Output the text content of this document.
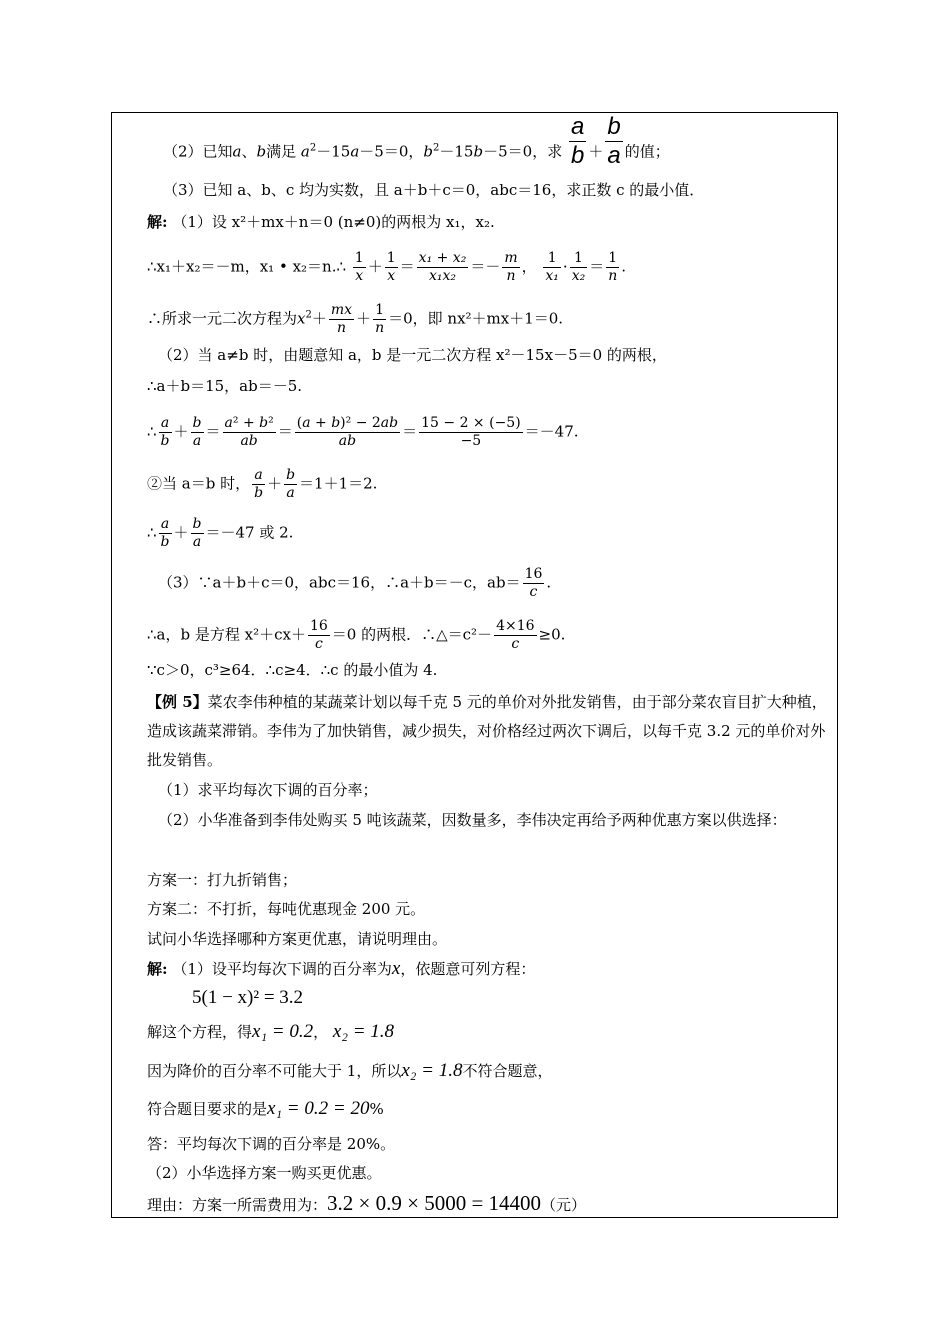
（2）已知a、b满足 $a^2-15a-5=0$，$b^2-15b-5=0$，求 $\frac{a}{b} + \frac{b}{a}$ 的值；
（3）已知 a、b、c 均为实数，且 a＋b＋c＝0，abc＝16，求正数 c 的最小值．
解: （1）设 x²＋mx＋n＝0 (n≠0)的两根为 x₁，x₂.
∴x₁＋x₂＝－m，x₁ • x₂＝n.∴ $\frac{1}{x} + \frac{1}{x} = \frac{\text{x₁ + x₂}}{\text{x₁x₂}} =- \frac{m}{n}$ ， $\frac{1}{\text{x₁}} \cdot \frac{1}{\text{x₂}} = \frac{1}{n}$ .
∴所求一元二次方程为$x^2+ \frac{mx}{n} + \frac{1}{n} =0$，即 nx²＋mx＋1＝0.
（2）当 a≠b 时，由题意知 a，b 是一元二次方程 x²－15x－5＝0 的两根，
∴a＋b＝15，ab＝－5.
∴ $\frac{a}{b} + \frac{b}{a} = \frac{\text{a² + b²}}{ab} = \frac{\text{(a + b)² − 2ab}}{ab} = \frac{15 - 2 \times (-5)}{-5} =-47$.
②当 a＝b 时， $\frac{a}{b} + \frac{b}{a} =1+1=2$.
∴ $\frac{a}{b} + \frac{b}{a} =-47$ 或 2.
（3）∵a＋b＋c＝0，abc＝16，∴a＋b＝－c，$ab= \frac{16}{c}$ .
∴a，b 是方程 $x^2+cx+ \frac{16}{c} =0$ 的两根．∴△＝c²－ $\frac{4\times 16}{c} \ge 0$.
∵c＞0，c³≥64．∴c≥4．∴c 的最小值为 4.
【例 5】菜农李伟种植的某蔬菜计划以每千克 5 元的单价对外批发销售，由于部分菜农盲目扩大种植，造成该蔬菜滞销。李伟为了加快销售，减少损失，对价格经过两次下调后，以每千克 3.2 元的单价对外批发销售。
（1）求平均每次下调的百分率；
（2）小华准备到李伟处购买 5 吨该蔬菜，因数量多，李伟决定再给予两种优惠方案以供选择：
方案一：打九折销售；
方案二：不打折，每吨优惠现金 200 元。
试问小华选择哪种方案更优惠，请说明理由。
解: （1）设平均每次下调的百分率为x，依题意可列方程：
5(1 − x)² = 3.2
解这个方程，得x₁ = 0.2， x₂ = 1.8
因为降价的百分率不可能大于 1，所以x₂ = 1.8不符合题意，
符合题目要求的是x₁ = 0.2 = 20%
答：平均每次下调的百分率是 20%。
（2）小华选择方案一购买更优惠。
理由：方案一所需费用为：3.2 × 0.9 × 5000 = 14400（元）
